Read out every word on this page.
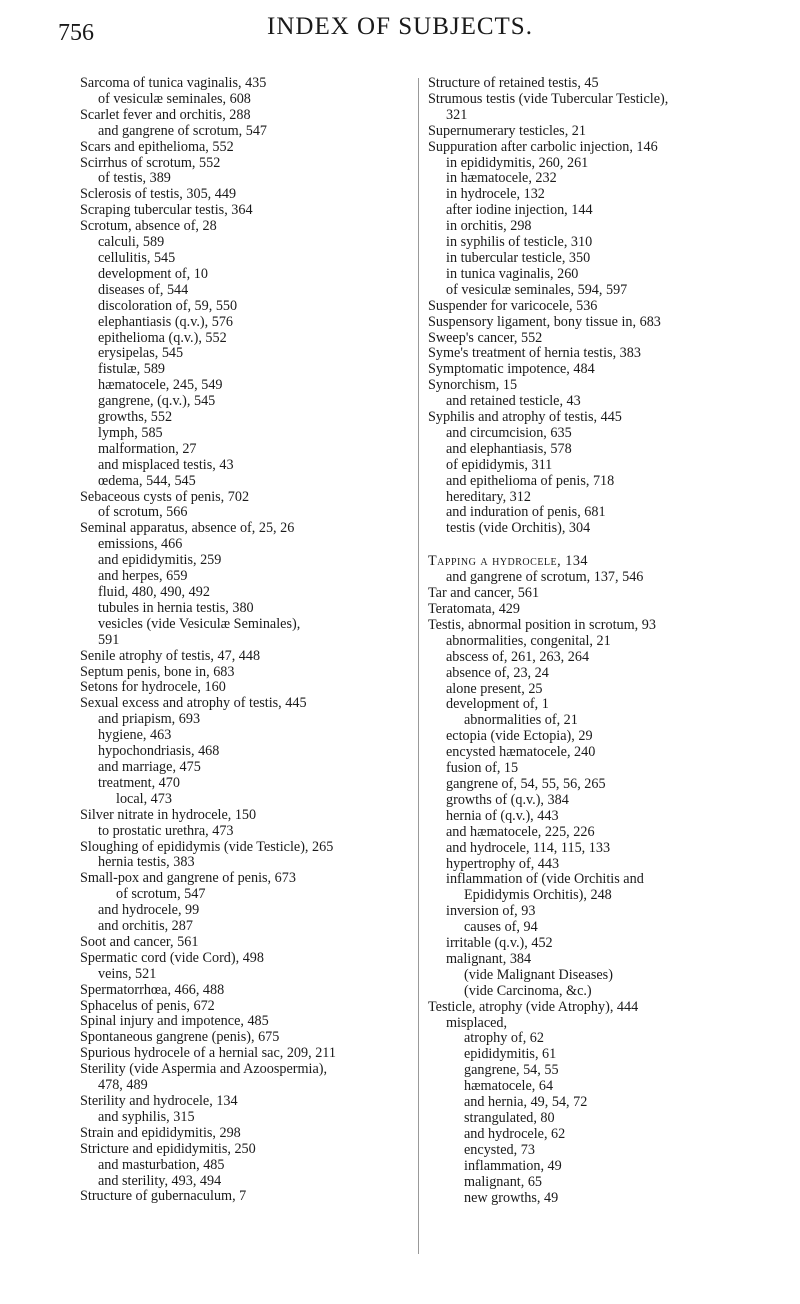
756	INDEX OF SUBJECTS.
Sarcoma of tunica vaginalis, 435
of vesiculæ seminales, 608
Scarlet fever and orchitis, 288
and gangrene of scrotum, 547
Scars and epithelioma, 552
Scirrhus of scrotum, 552
of testis, 389
Sclerosis of testis, 305, 449
Scraping tubercular testis, 364
Scrotum, absence of, 28
calculi, 589
cellulitis, 545
development of, 10
diseases of, 544
discoloration of, 59, 550
elephantiasis (q.v.), 576
epithelioma (q.v.), 552
erysipelas, 545
fistulæ, 589
hæmatocele, 245, 549
gangrene, (q.v.), 545
growths, 552
lymph, 585
malformation, 27
and misplaced testis, 43
œdema, 544, 545
Sebaceous cysts of penis, 702
of scrotum, 566
Seminal apparatus, absence of, 25, 26
emissions, 466
and epididymitis, 259
and herpes, 659
fluid, 480, 490, 492
tubules in hernia testis, 380
vesicles (vide Vesiculæ Seminales),
591
Senile atrophy of testis, 47, 448
Septum penis, bone in, 683
Setons for hydrocele, 160
Sexual excess and atrophy of testis, 445
and priapism, 693
hygiene, 463
hypochondriasis, 468
and marriage, 475
treatment, 470
local, 473
Silver nitrate in hydrocele, 150
to prostatic urethra, 473
Sloughing of epididymis (vide Testicle), 265
hernia testis, 383
Small-pox and gangrene of penis, 673
of scrotum, 547
and hydrocele, 99
and orchitis, 287
Soot and cancer, 561
Spermatic cord (vide Cord), 498
veins, 521
Spermatorrhœa, 466, 488
Sphacelus of penis, 672
Spinal injury and impotence, 485
Spontaneous gangrene (penis), 675
Spurious hydrocele of a hernial sac, 209, 211
Sterility (vide Aspermia and Azoospermia),
478, 489
Sterility and hydrocele, 134
and syphilis, 315
Strain and epididymitis, 298
Stricture and epididymitis, 250
and masturbation, 485
and sterility, 493, 494
Structure of gubernaculum, 7
Structure of retained testis, 45
Strumous testis (vide Tubercular Testicle),
321
Supernumerary testicles, 21
Suppuration after carbolic injection, 146
in epididymitis, 260, 261
in hæmatocele, 232
in hydrocele, 132
after iodine injection, 144
in orchitis, 298
in syphilis of testicle, 310
in tubercular testicle, 350
in tunica vaginalis, 260
of vesiculæ seminales, 594, 597
Suspender for varicocele, 536
Suspensory ligament, bony tissue in, 683
Sweep's cancer, 552
Syme's treatment of hernia testis, 383
Symptomatic impotence, 484
Synorchism, 15
and retained testicle, 43
Syphilis and atrophy of testis, 445
and circumcision, 635
and elephantiasis, 578
of epididymis, 311
and epithelioma of penis, 718
hereditary, 312
and induration of penis, 681
testis (vide Orchitis), 304
Tapping a hydrocele, 134
and gangrene of scrotum, 137, 546
Tar and cancer, 561
Teratomata, 429
Testis, abnormal position in scrotum, 93
abnormalities, congenital, 21
abscess of, 261, 263, 264
absence of, 23, 24
alone present, 25
development of, 1
abnormalities of, 21
ectopia (vide Ectopia), 29
encysted hæmatocele, 240
fusion of, 15
gangrene of, 54, 55, 56, 265
growths of (q.v.), 384
hernia of (q.v.), 443
and hæmatocele, 225, 226
and hydrocele, 114, 115, 133
hypertrophy of, 443
inflammation of (vide Orchitis and
Epididymis Orchitis), 248
inversion of, 93
causes of, 94
irritable (q.v.), 452
malignant, 384
(vide Malignant Diseases)
(vide Carcinoma, &c.)
Testicle, atrophy (vide Atrophy), 444
misplaced,
atrophy of, 62
epididymitis, 61
gangrene, 54, 55
hæmatocele, 64
and hernia, 49, 54, 72
strangulated, 80
and hydrocele, 62
encysted, 73
inflammation, 49
malignant, 65
new growths, 49
